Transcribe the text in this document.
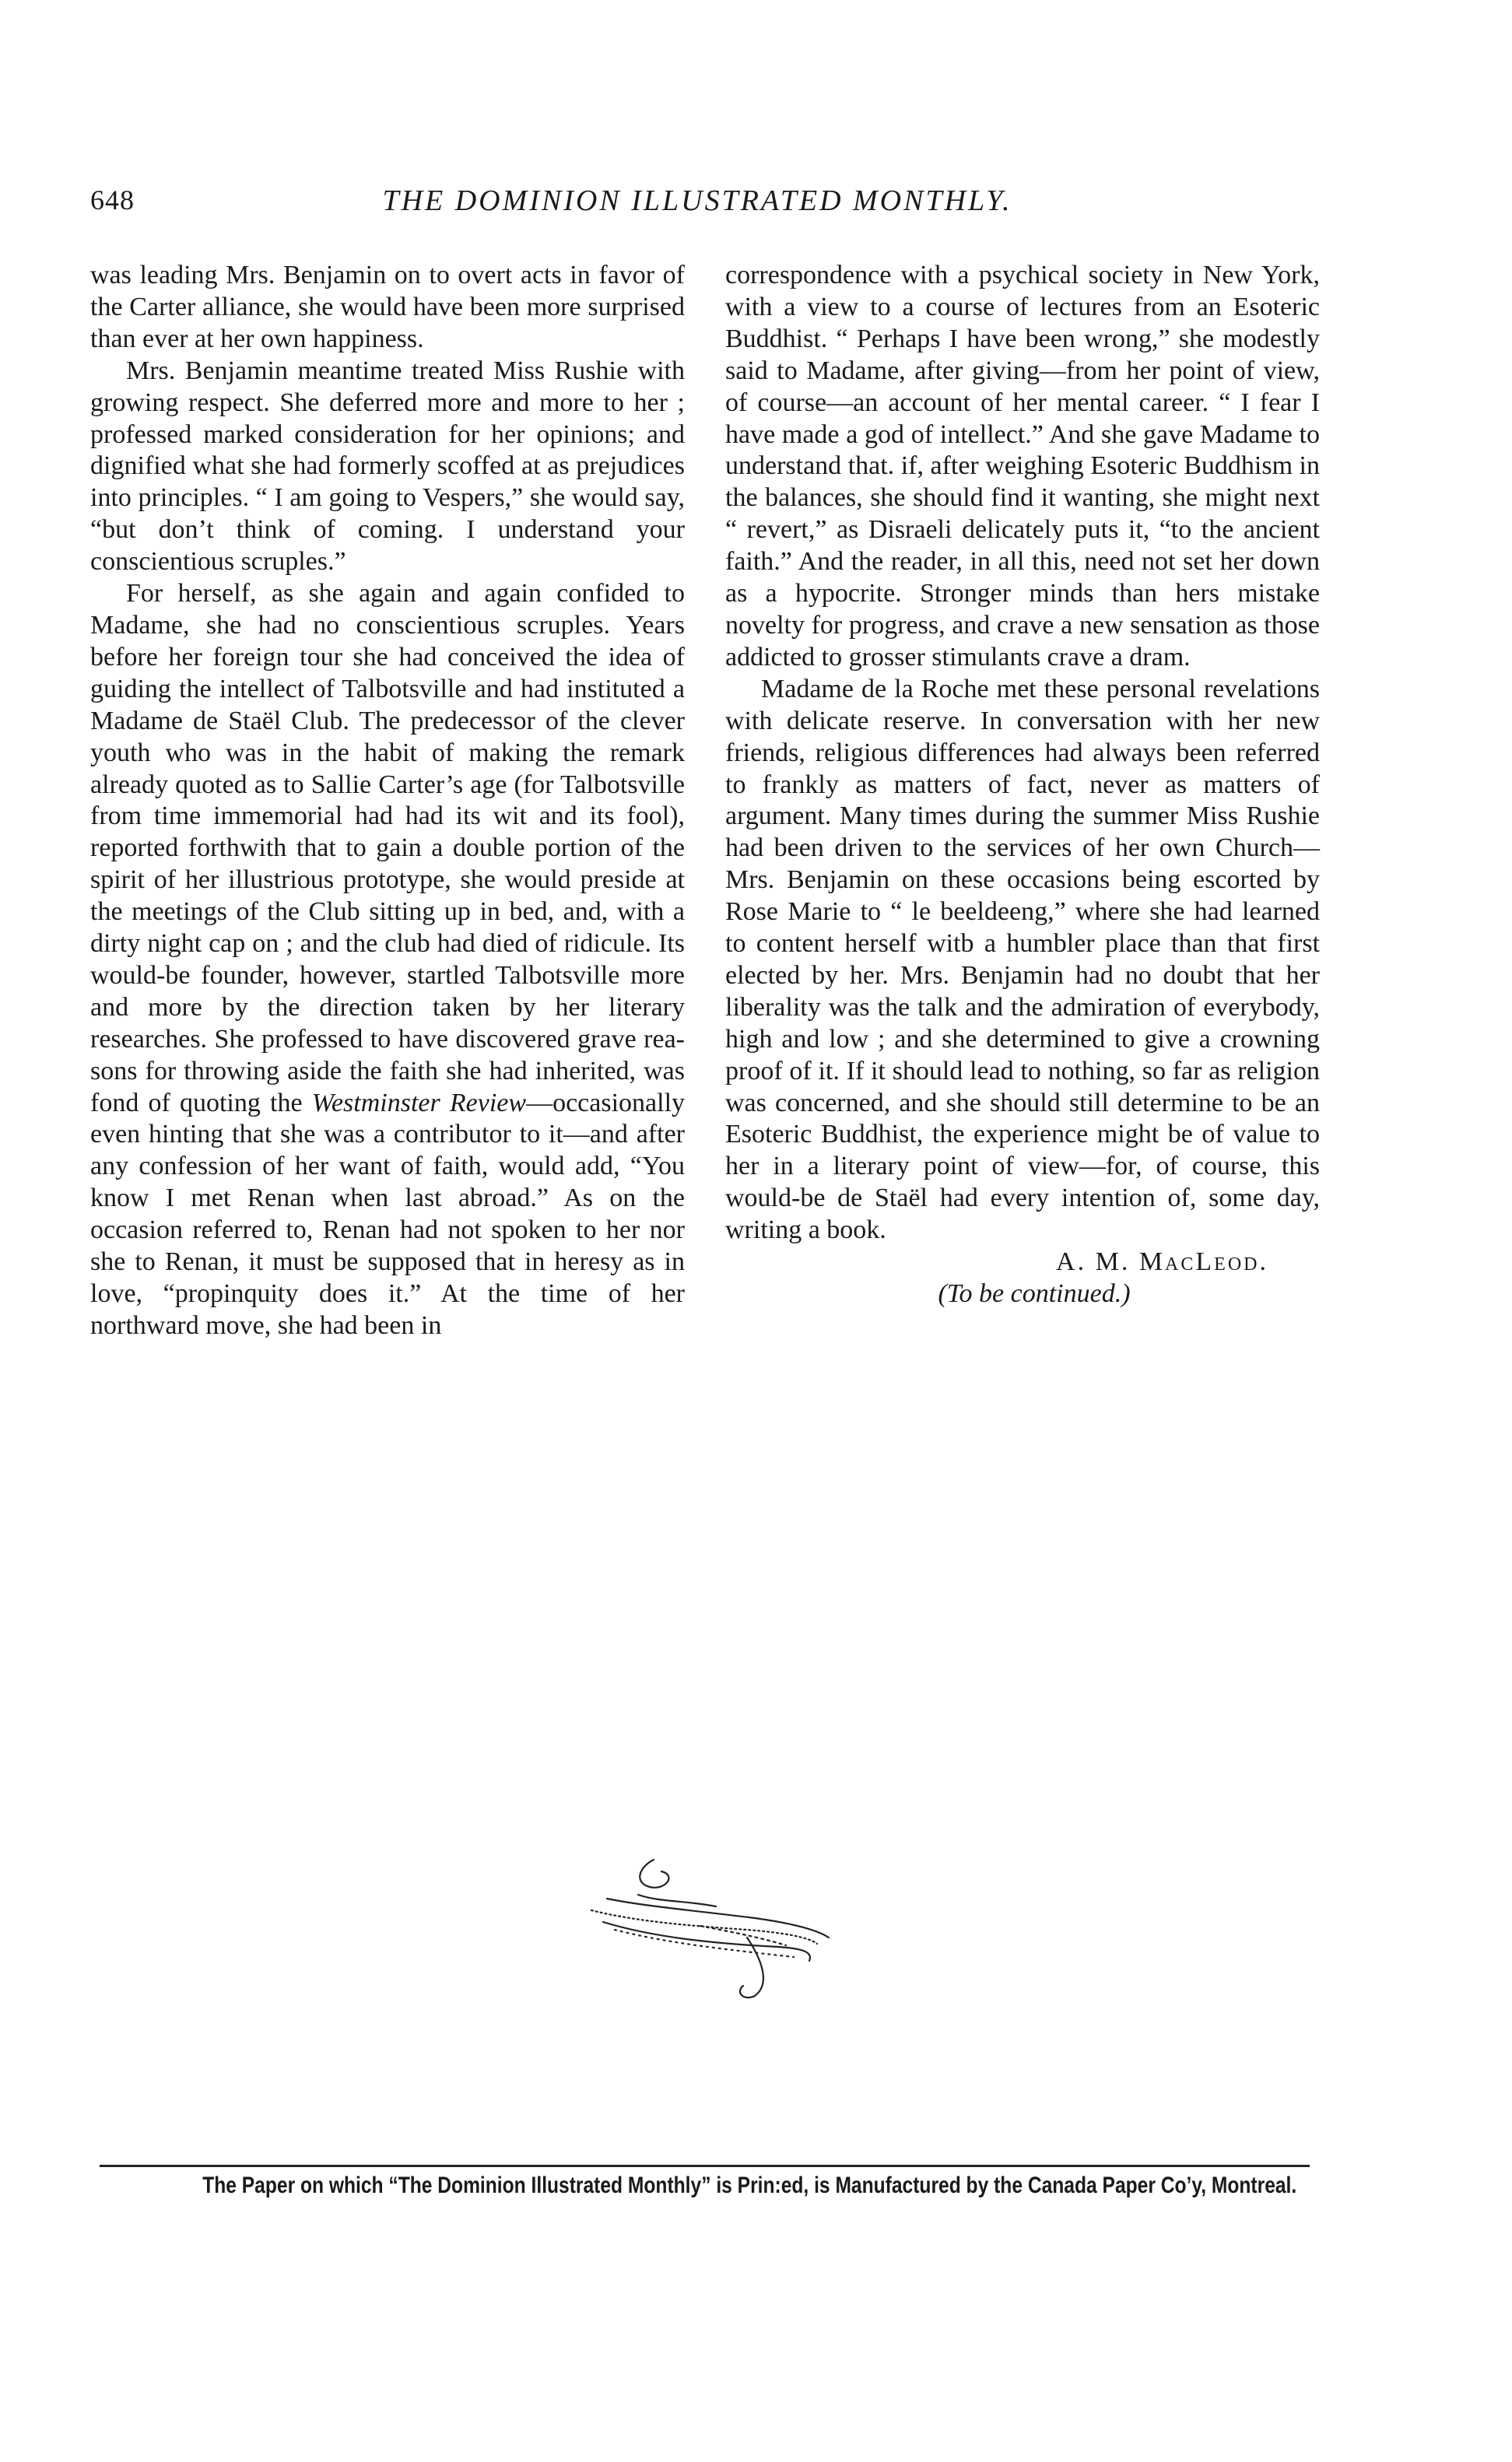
648	THE DOMINION ILLUSTRATED MONTHLY.

was leading Mrs. Benjamin on to overt acts in favor of the Carter alliance, she would have been more surprised than ever at her own happiness.

Mrs. Benjamin meantime treated Miss Rushie with growing respect. She deferred more and more to her ; professed marked consideration for her opinions; and dignified what she had formerly scoffed at as prejudices into principles. “ I am going to Vespers,” she would say, “but don’t think of coming. I understand your conscientious scruples.”

For herself, as she again and again confided to Madame, she had no conscientious scruples. Years before her foreign tour she had conceived the idea of guiding the intellect of Talbotsville and had instituted a Madame de Staël Club. The predecessor of the clever youth who was in the habit of making the remark already quoted as to Sallie Carter’s age (for Talbotsville from time immemorial had had its wit and its fool), reported forthwith that to gain a double portion of the spirit of her illustrious prototype, she would preside at the meetings of the Club sitting up in bed, and, with a dirty night cap on ; and the club had died of ridicule. Its would-be founder, however, startled Talbotsville more and more by the direction taken by her literary researches. She professed to have discovered grave reasons for throwing aside the faith she had inherited, was fond of quoting the Westminster Review—occasionally even hinting that she was a contributor to it—and after any confession of her want of faith, would add, “You know I met Renan when last abroad.” As on the occasion referred to, Renan had not spoken to her nor she to Renan, it must be supposed that in heresy as in love, “propinquity does it.” At the time of her northward move, she had been in

correspondence with a psychical society in New York, with a view to a course of lectures from an Esoteric Buddhist. “ Perhaps I have been wrong,” she modestly said to Madame, after giving—from her point of view, of course—an account of her mental career. “ I fear I have made a god of intellect.” And she gave Madame to understand that. if, after weighing Esoteric Buddhism in the balances, she should find it wanting, she might next “ revert,” as Disraeli delicately puts it, “to the ancient faith.” And the reader, in all this, need not set her down as a hypocrite. Stronger minds than hers mistake novelty for progress, and crave a new sensation as those addicted to grosser stimulants crave a dram.

Madame de la Roche met these personal revelations with delicate reserve. In conversation with her new friends, religious differences had always been referred to frankly as matters of fact, never as matters of argument. Many times during the summer Miss Rushie had been driven to the services of her own Church—Mrs. Benjamin on these occasions being escorted by Rose Marie to “ le beeldeeng,” where she had learned to content herself witb a humbler place than that first elected by her. Mrs. Benjamin had no doubt that her liberality was the talk and the admiration of everybody, high and low ; and she determined to give a crowning proof of it. If it should lead to nothing, so far as religion was concerned, and she should still determine to be an Esoteric Buddhist, the experience might be of value to her in a literary point of view—for, of course, this would-be de Staël had every intention of, some day, writing a book.

A. M. MacLeod.

(To be continued.)

The Paper on which “The Dominion Illustrated Monthly” is Prin:ed, is Manufactured by the Canada Paper Co’y, Montreal.
